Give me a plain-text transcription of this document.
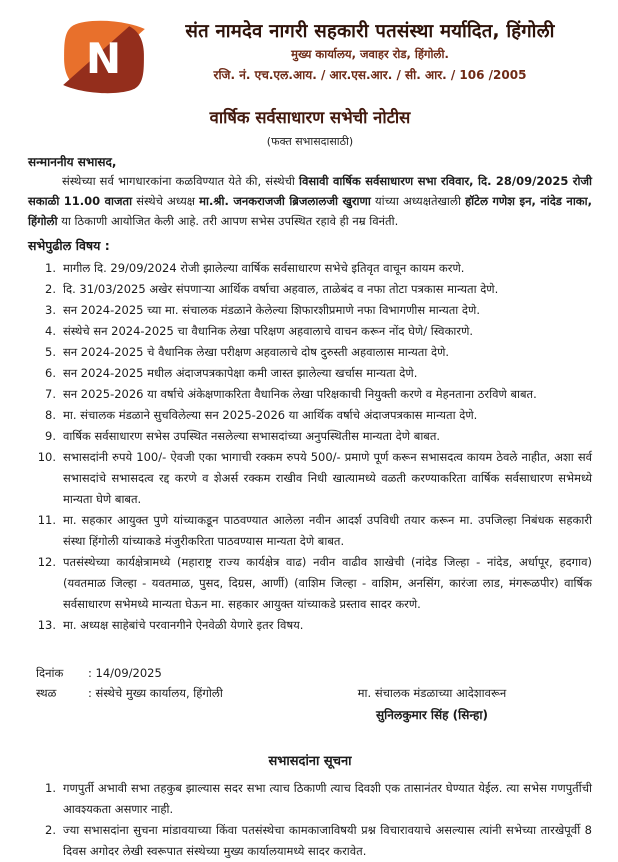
N
संत नामदेव नागरी सहकारी पतसंस्था मर्यादित, हिंगोली
मुख्य कार्यालय, जवाहर रोड, हिंगोली.
रजि. नं. एच.एल.आय. / आर.एस.आर. / सी. आर. / 106 /2005
वार्षिक सर्वसाधारण सभेची नोटीस
(फक्त सभासदासाठी)
सन्माननीय सभासद,
संस्थेच्या सर्व भागधारकांना कळविण्यात येते की, संस्थेची विसावी वार्षिक सर्वसाधारण सभा रविवार, दि. 28/09/2025 रोजी सकाळी 11.00 वाजता संस्थेचे अध्यक्ष मा.श्री. जनकराजजी ब्रिजलालजी खुराणा यांच्या अध्यक्षतेखाली हॉटेल गणेश इन, नांदेड नाका, हिंगोली या ठिकाणी आयोजित केली आहे. तरी आपण सभेस उपस्थित रहावे ही नम्र विनंती.
सभेपुढील विषय :
1. मागील दि. 29/09/2024 रोजी झालेल्या वार्षिक सर्वसाधारण सभेचे इतिवृत वाचून कायम करणे.
2. दि. 31/03/2025 अखेर संपणाऱ्या आर्थिक वर्षाचा अहवाल, ताळेबंद व नफा तोटा पत्रकास मान्यता देणे.
3. सन 2024-2025 च्या मा. संचालक मंडळाने केलेल्या शिफारशीप्रमाणे नफा विभागणीस मान्यता देणे.
4. संस्थेचे सन 2024-2025 चा वैधानिक लेखा परिक्षण अहवालाचे वाचन करून नोंद घेणे/ स्विकारणे.
5. सन 2024-2025 चे वैधानिक लेखा परीक्षण अहवालाचे दोष दुरुस्ती अहवालास मान्यता देणे.
6. सन 2024-2025 मधील अंदाजपत्रकापेक्षा कमी जास्त झालेल्या खर्चास मान्यता देणे.
7. सन 2025-2026 या वर्षाचे अंकेक्षणाकरिता वैधानिक लेखा परिक्षकाची नियुक्ती करणे व मेहनताना ठरविणे बाबत.
8. मा. संचालक मंडळाने सुचविलेल्या सन 2025-2026 या आर्थिक वर्षाचे अंदाजपत्रकास मान्यता देणे.
9. वार्षिक सर्वसाधारण सभेस उपस्थित नसलेल्या सभासदांच्या अनुपस्थितीस मान्यता देणे बाबत.
10. सभासदांनी रुपये 100/- ऐवजी एका भागाची रक्कम रुपये 500/- प्रमाणे पूर्ण करून सभासदत्व कायम ठेवले नाहीत, अशा सर्व सभासदांचे सभासदत्व रद्द करणे व शेअर्स रक्कम राखीव निधी खात्यामध्ये वळती करण्याकरिता वार्षिक सर्वसाधारण सभेमध्ये मान्यता घेणे बाबत.
11. मा. सहकार आयुक्त पुणे यांच्याकडून पाठवण्यात आलेला नवीन आदर्श उपविधी तयार करून मा. उपजिल्हा निबंधक सहकारी संस्था हिंगोली यांच्याकडे मंजुरीकरिता पाठवण्यास मान्यता देणे बाबत.
12. पतसंस्थेच्या कार्यक्षेत्रामध्ये (महाराष्ट्र राज्य कार्यक्षेत्र वाढ) नवीन वाढीव शाखेची (नांदेड जिल्हा - नांदेड, अर्धापूर, हदगाव) (यवतमाळ जिल्हा - यवतमाळ, पुसद, दिग्रस, आर्णी) (वाशिम जिल्हा - वाशिम, अनसिंग, कारंजा लाड, मंगरूळपीर) वार्षिक सर्वसाधारण सभेमध्ये मान्यता घेऊन मा. सहकार आयुक्त यांच्याकडे प्रस्ताव सादर करणे.
13. मा. अध्यक्ष साहेबांचे परवानगीने ऐनवेळी येणारे इतर विषय.
दिनांक	: 14/09/2025
स्थळ	: संस्थेचे मुख्य कार्यालय, हिंगोली	मा. संचालक मंडळाच्या आदेशावरून
सुनिलकुमार सिंह (सिन्हा)
सभासदांना सूचना
1. गणपुर्ती अभावी सभा तहकुब झाल्यास सदर सभा त्याच ठिकाणी त्याच दिवशी एक तासानंतर घेण्यात येईल. त्या सभेस गणपुर्तीची आवश्यकता असणार नाही.
2. ज्या सभासदांना सुचना मांडावयाच्या किंवा पतसंस्थेचा कामकाजाविषयी प्रश्न विचारावयाचे असल्यास त्यांनी सभेच्या तारखेपूर्वी 8 दिवस अगोदर लेखी स्वरूपात संस्थेच्या मुख्य कार्यालयामध्ये सादर करावेत.
